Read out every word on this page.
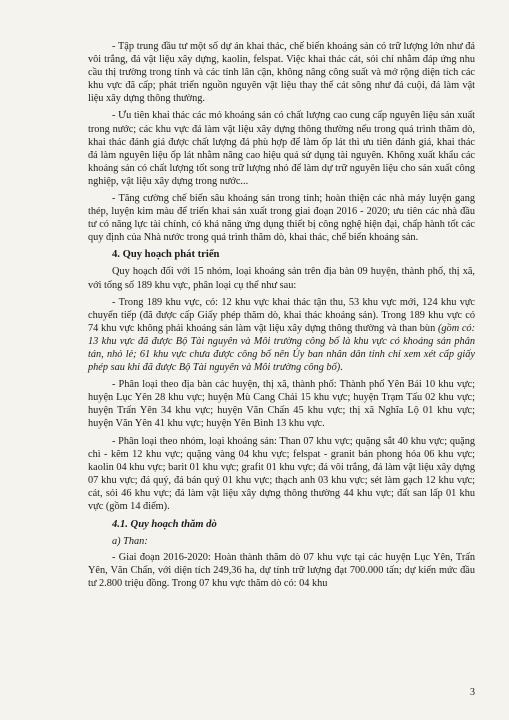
- Tập trung đầu tư một số dự án khai thác, chế biến khoáng sản có trữ lượng lớn như đá vôi trắng, đá vật liệu xây dựng, kaolin, felspat. Việc khai thác cát, sỏi chỉ nhằm đáp ứng nhu cầu thị trường trong tỉnh và các tỉnh lân cận, không nâng công suất và mở rộng diện tích các khu vực đã cấp; phát triển nguồn nguyên vật liệu thay thế cát sông như đá cuội, đá làm vật liệu xây dựng thông thường.

- Ưu tiên khai thác các mỏ khoáng sản có chất lượng cao cung cấp nguyên liệu sản xuất trong nước; các khu vực đá làm vật liệu xây dựng thông thường nếu trong quá trình thăm dò, khai thác đánh giá được chất lượng đá phù hợp để làm ốp lát thì ưu tiên đánh giá, khai thác đá làm nguyên liệu ốp lát nhằm nâng cao hiệu quả sử dụng tài nguyên. Không xuất khẩu các khoáng sản có chất lượng tốt song trữ lượng nhỏ để làm dự trữ nguyên liệu cho sản xuất công nghiệp, vật liệu xây dựng trong nước...

- Tăng cường chế biến sâu khoáng sản trong tỉnh; hoàn thiện các nhà máy luyện gang thép, luyện kim màu để triển khai sản xuất trong giai đoạn 2016 - 2020; ưu tiên các nhà đầu tư có năng lực tài chính, có khả năng ứng dụng thiết bị công nghệ hiện đại, chấp hành tốt các quy định của Nhà nước trong quá trình thăm dò, khai thác, chế biến khoáng sản.

4. Quy hoạch phát triển

Quy hoạch đối với 15 nhóm, loại khoáng sản trên địa bàn 09 huyện, thành phố, thị xã, với tổng số 189 khu vực, phân loại cụ thể như sau:

- Trong 189 khu vực, có: 12 khu vực khai thác tận thu, 53 khu vực mới, 124 khu vực chuyển tiếp (đã được cấp Giấy phép thăm dò, khai thác khoáng sản). Trong 189 khu vực có 74 khu vực không phải khoáng sản làm vật liệu xây dựng thông thường và than bùn (gồm có: 13 khu vực đã được Bộ Tài nguyên và Môi trường công bố là khu vực có khoáng sản phân tán, nhỏ lẻ; 61 khu vực chưa được công bố nên Ủy ban nhân dân tỉnh chỉ xem xét cấp giấy phép sau khi đã được Bộ Tài nguyên và Môi trường công bố).

- Phân loại theo địa bàn các huyện, thị xã, thành phố: Thành phố Yên Bái 10 khu vực; huyện Lục Yên 28 khu vực; huyện Mù Cang Chải 15 khu vực; huyện Trạm Tấu 02 khu vực; huyện Trấn Yên 34 khu vực; huyện Văn Chấn 45 khu vực; thị xã Nghĩa Lộ 01 khu vực; huyện Văn Yên 41 khu vực; huyện Yên Bình 13 khu vực.

- Phân loại theo nhóm, loại khoáng sản: Than 07 khu vực; quặng sắt 40 khu vực; quặng chì - kẽm 12 khu vực; quặng vàng 04 khu vực; felspat - granit bán phong hóa 06 khu vực; kaolin 04 khu vực; barit 01 khu vực; grafit 01 khu vực; đá vôi trắng, đá làm vật liệu xây dựng 07 khu vực; đá quý, đá bán quý 01 khu vực; thạch anh 03 khu vực; sét làm gạch 12 khu vực; cát, sỏi 46 khu vực; đá làm vật liệu xây dựng thông thường 44 khu vực; đất san lấp 01 khu vực (gồm 14 điểm).

4.1. Quy hoạch thăm dò
a) Than:

- Giai đoạn 2016-2020: Hoàn thành thăm dò 07 khu vực tại các huyện Lục Yên, Trấn Yên, Văn Chấn, với diện tích 249,36 ha, dự tính trữ lượng đạt 700.000 tấn; dự kiến mức đầu tư 2.800 triệu đồng. Trong 07 khu vực thăm dò có: 04 khu

3
